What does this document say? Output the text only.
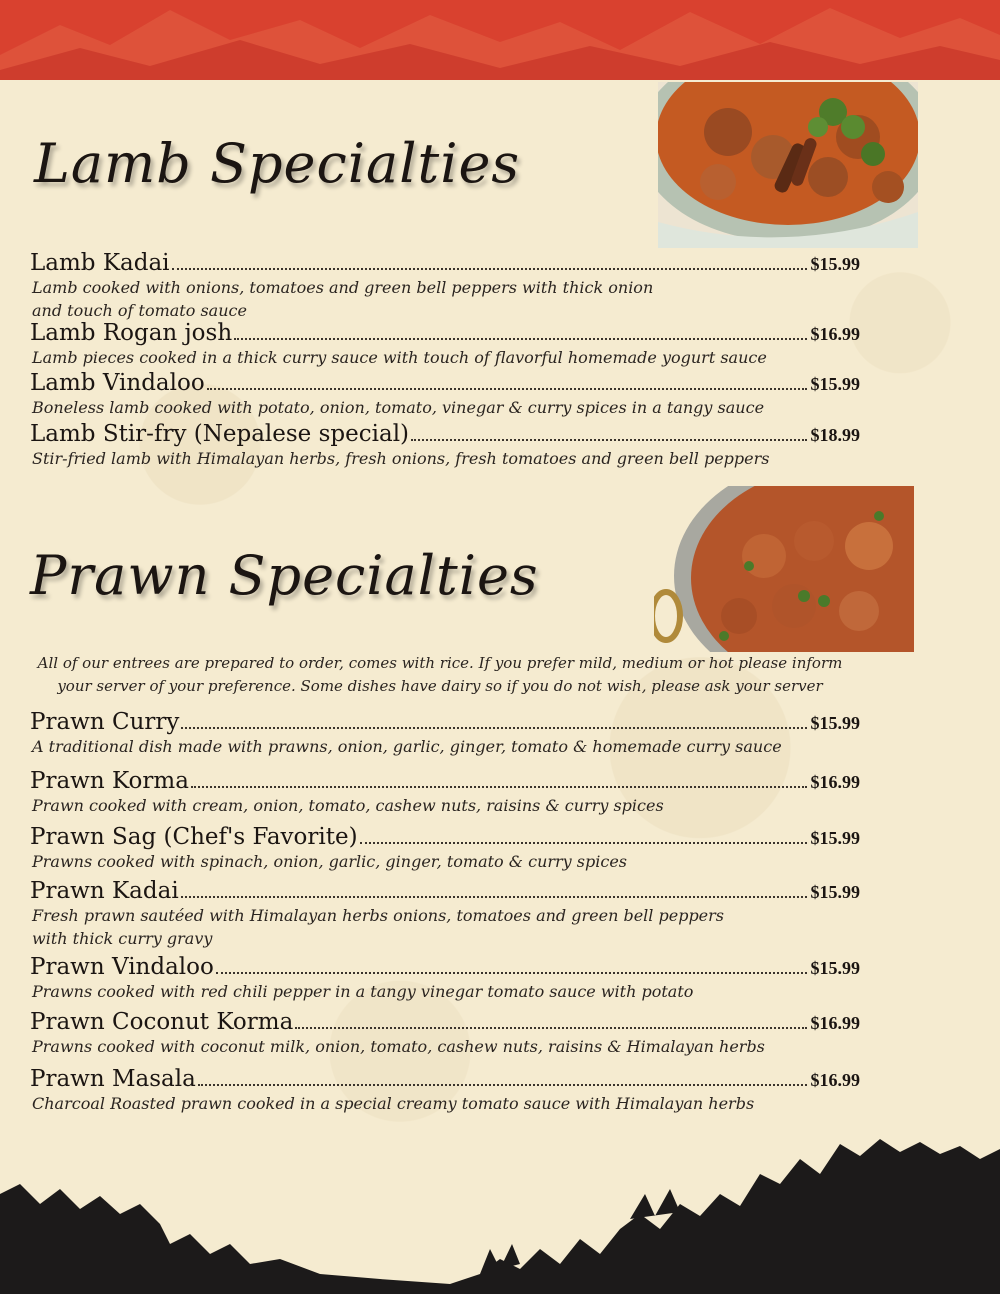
Lamb Specialties
Lamb Kadai	$15.99
Lamb cooked with onions, tomatoes and green bell peppers with thick onion
and touch of tomato sauce
Lamb Rogan josh	$16.99
Lamb pieces cooked in a thick curry sauce with touch of flavorful homemade yogurt sauce
Lamb Vindaloo	$15.99
Boneless lamb cooked with potato, onion, tomato, vinegar & curry spices in a tangy sauce
Lamb Stir-fry (Nepalese special)	$18.99
Stir-fried lamb with Himalayan herbs, fresh onions, fresh tomatoes and green bell peppers
Prawn Specialties
All of our entrees are prepared to order, comes with rice. If you prefer mild, medium or hot please inform
your server of your preference. Some dishes have dairy so if you do not wish, please ask your server
Prawn Curry	$15.99
A traditional dish made with prawns, onion, garlic, ginger, tomato & homemade curry sauce
Prawn Korma	$16.99
Prawn cooked with cream, onion, tomato, cashew nuts, raisins & curry spices
Prawn Sag (Chef's Favorite)	$15.99
Prawns cooked with spinach, onion, garlic, ginger, tomato & curry spices
Prawn Kadai	$15.99
Fresh prawn sautéed with Himalayan herbs onions, tomatoes and green bell peppers
with thick curry gravy
Prawn Vindaloo	$15.99
Prawns cooked with red chili pepper in a tangy vinegar tomato sauce with potato
Prawn Coconut Korma	$16.99
Prawns cooked with coconut milk, onion, tomato, cashew nuts, raisins & Himalayan herbs
Prawn Masala	$16.99
Charcoal Roasted prawn cooked in a special creamy tomato sauce with Himalayan herbs
